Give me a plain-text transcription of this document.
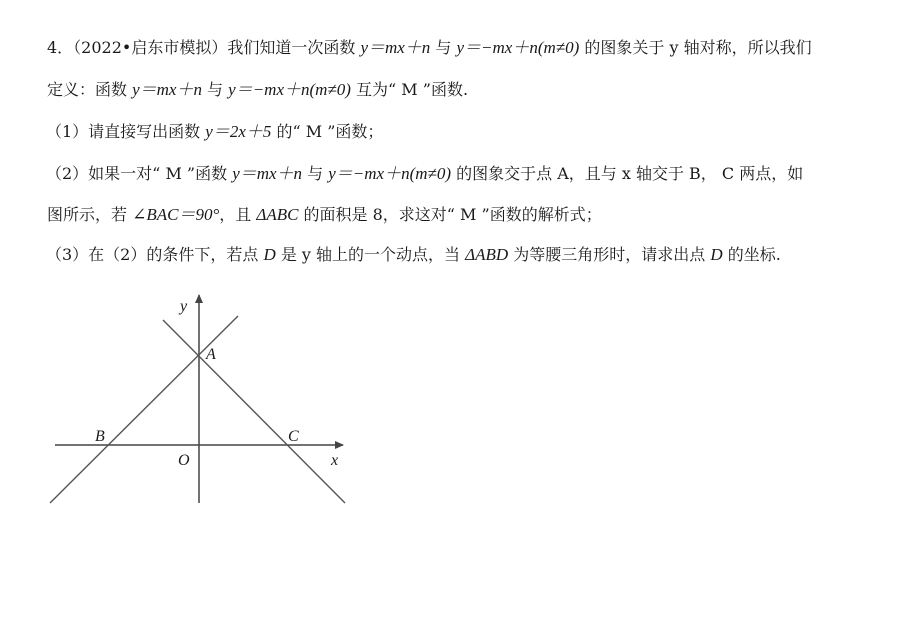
4．（2022•启东市模拟）我们知道一次函数 y＝mx＋n 与 y＝−mx＋n(m≠0) 的图象关于 y 轴对称，所以我们
定义：函数 y＝mx＋n 与 y＝−mx＋n(m≠0) 互为“ M ”函数.
（1）请直接写出函数 y＝2x＋5 的“ M ”函数；
（2）如果一对“ M ”函数 y＝mx＋n 与 y＝−mx＋n(m≠0) 的图象交于点 A，且与 x 轴交于 B， C 两点，如
图所示，若 ∠BAC＝90°，且 ΔABC 的面积是 8，求这对“ M ”函数的解析式；
（3）在（2）的条件下，若点 D 是 y 轴上的一个动点，当 ΔABD 为等腰三角形时，请求出点 D 的坐标.
y
x
O
A
B	C
